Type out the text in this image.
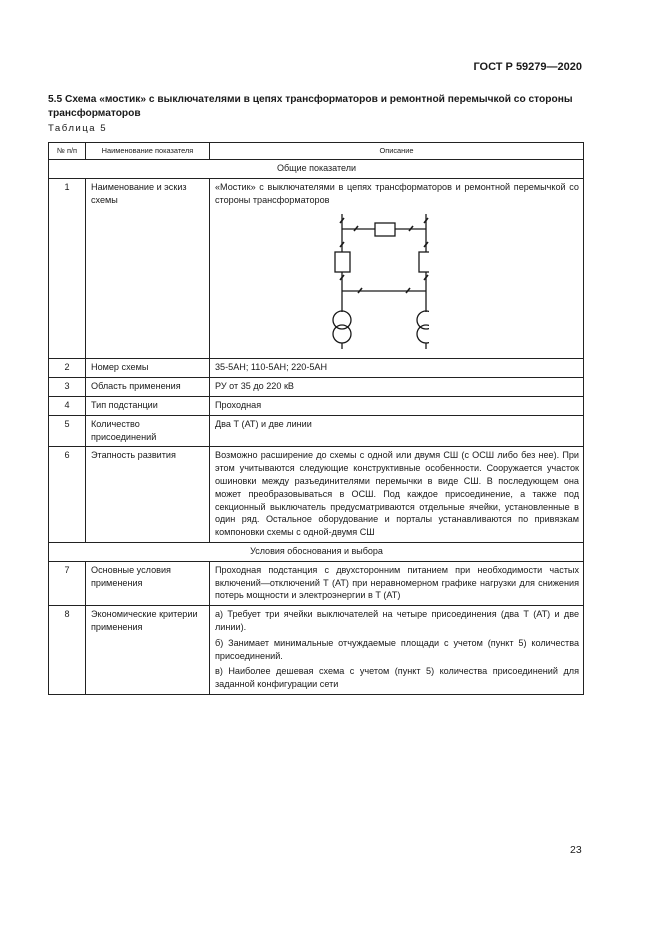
ГОСТ Р 59279—2020
5.5 Схема «мостик» с выключателями в цепях трансформаторов и ремонтной перемычкой со стороны трансформаторов
Таблица 5
№ п/п	Наименование показателя	Описание
Общие показатели		
1	Наименование и эскиз схемы	«Мостик» с выключателями в цепях трансформаторов и ремонтной перемычкой со стороны трансформаторов

2	Номер схемы	35-5АН; 110-5АН; 220-5АН
3	Область применения	РУ от 35 до 220 кВ
4	Тип подстанции	Проходная
5	Количество присоединений	Два Т (АТ) и две линии
6	Этапность развития	Возможно расширение до схемы с одной или двумя СШ (с ОСШ либо без нее). При этом учитываются следующие конструктивные особенности. Сооружается участок ошиновки между разъединителями перемычки в виде СШ. В последующем она может преобразовываться в ОСШ. Под каждое присоединение, а также под секционный выключатель предусматриваются отдельные ячейки, установленные в один ряд. Остальное оборудование и порталы устанавливаются по привязкам компоновки схемы с одной-двумя СШ
Условия обоснования и выбора		
7	Основные условия применения	Проходная подстанция с двухсторонним питанием при необходимости частых включений—отключений Т (АТ) при неравномерном графике нагрузки для снижения потерь мощности и электроэнергии в Т (АТ)
8	Экономические критерии применения	а) Требует три ячейки выключателей на четыре присоединения (два Т (АТ) и две линии).

б) Занимает минимальные отчуждаемые площади с учетом (пункт 5) количества присоединений.

в) Наиболее дешевая схема с учетом (пункт 5) количества присоединений для заданной конфигурации сети

23
